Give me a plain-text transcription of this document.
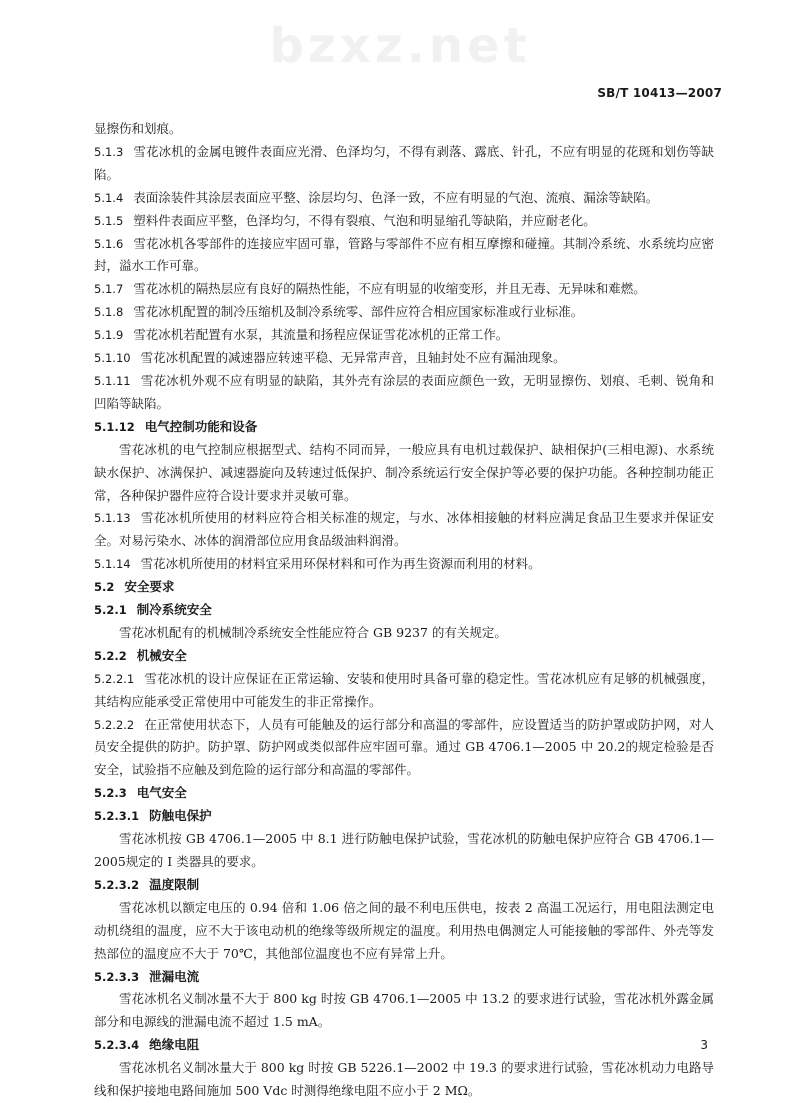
bzxz.net
SB/T 10413—2007

显擦伤和划痕。

5.1.3 雪花冰机的金属电镀件表面应光滑、色泽均匀，不得有剥落、露底、针孔，不应有明显的花斑和划伤等缺陷。

5.1.4 表面涂装件其涂层表面应平整、涂层均匀、色泽一致，不应有明显的气泡、流痕、漏涂等缺陷。

5.1.5 塑料件表面应平整，色泽均匀，不得有裂痕、气泡和明显缩孔等缺陷，并应耐老化。

5.1.6 雪花冰机各零部件的连接应牢固可靠，管路与零部件不应有相互摩擦和碰撞。其制冷系统、水系统均应密封，溢水工作可靠。

5.1.7 雪花冰机的隔热层应有良好的隔热性能，不应有明显的收缩变形，并且无毒、无异味和难燃。

5.1.8 雪花冰机配置的制冷压缩机及制冷系统零、部件应符合相应国家标准或行业标准。

5.1.9 雪花冰机若配置有水泵，其流量和扬程应保证雪花冰机的正常工作。

5.1.10 雪花冰机配置的减速器应转速平稳、无异常声音，且轴封处不应有漏油现象。

5.1.11 雪花冰机外观不应有明显的缺陷，其外壳有涂层的表面应颜色一致，无明显擦伤、划痕、毛刺、锐角和凹陷等缺陷。

5.1.12 电气控制功能和设备

雪花冰机的电气控制应根据型式、结构不同而异，一般应具有电机过载保护、缺相保护(三相电源)、水系统缺水保护、冰满保护、减速器旋向及转速过低保护、制冷系统运行安全保护等必要的保护功能。各种控制功能正常，各种保护器件应符合设计要求并灵敏可靠。

5.1.13 雪花冰机所使用的材料应符合相关标准的规定，与水、冰体相接触的材料应满足食品卫生要求并保证安全。对易污染水、冰体的润滑部位应用食品级油料润滑。

5.1.14 雪花冰机所使用的材料宜采用环保材料和可作为再生资源而利用的材料。

5.2 安全要求

5.2.1 制冷系统安全

雪花冰机配有的机械制冷系统安全性能应符合 GB 9237 的有关规定。

5.2.2 机械安全

5.2.2.1 雪花冰机的设计应保证在正常运输、安装和使用时具备可靠的稳定性。雪花冰机应有足够的机械强度，其结构应能承受正常使用中可能发生的非正常操作。

5.2.2.2 在正常使用状态下，人员有可能触及的运行部分和高温的零部件，应设置适当的防护罩或防护网，对人员安全提供的防护。防护罩、防护网或类似部件应牢固可靠。通过 GB 4706.1—2005 中 20.2的规定检验是否安全，试验指不应触及到危险的运行部分和高温的零部件。

5.2.3 电气安全

5.2.3.1 防触电保护

雪花冰机按 GB 4706.1—2005 中 8.1 进行防触电保护试验，雪花冰机的防触电保护应符合 GB 4706.1—2005规定的 Ⅰ 类器具的要求。

5.2.3.2 温度限制

雪花冰机以额定电压的 0.94 倍和 1.06 倍之间的最不利电压供电，按表 2 高温工况运行，用电阻法测定电动机绕组的温度，应不大于该电动机的绝缘等级所规定的温度。利用热电偶测定人可能接触的零部件、外壳等发热部位的温度应不大于 70℃，其他部位温度也不应有异常上升。

5.2.3.3 泄漏电流

雪花冰机名义制冰量不大于 800 kg 时按 GB 4706.1—2005 中 13.2 的要求进行试验，雪花冰机外露金属部分和电源线的泄漏电流不超过 1.5 mA。

5.2.3.4 绝缘电阻

雪花冰机名义制冰量大于 800 kg 时按 GB 5226.1—2002 中 19.3 的要求进行试验，雪花冰机动力电路导线和保护接地电路间施加 500 Vdc 时测得绝缘电阻不应小于 2 MΩ。

3
